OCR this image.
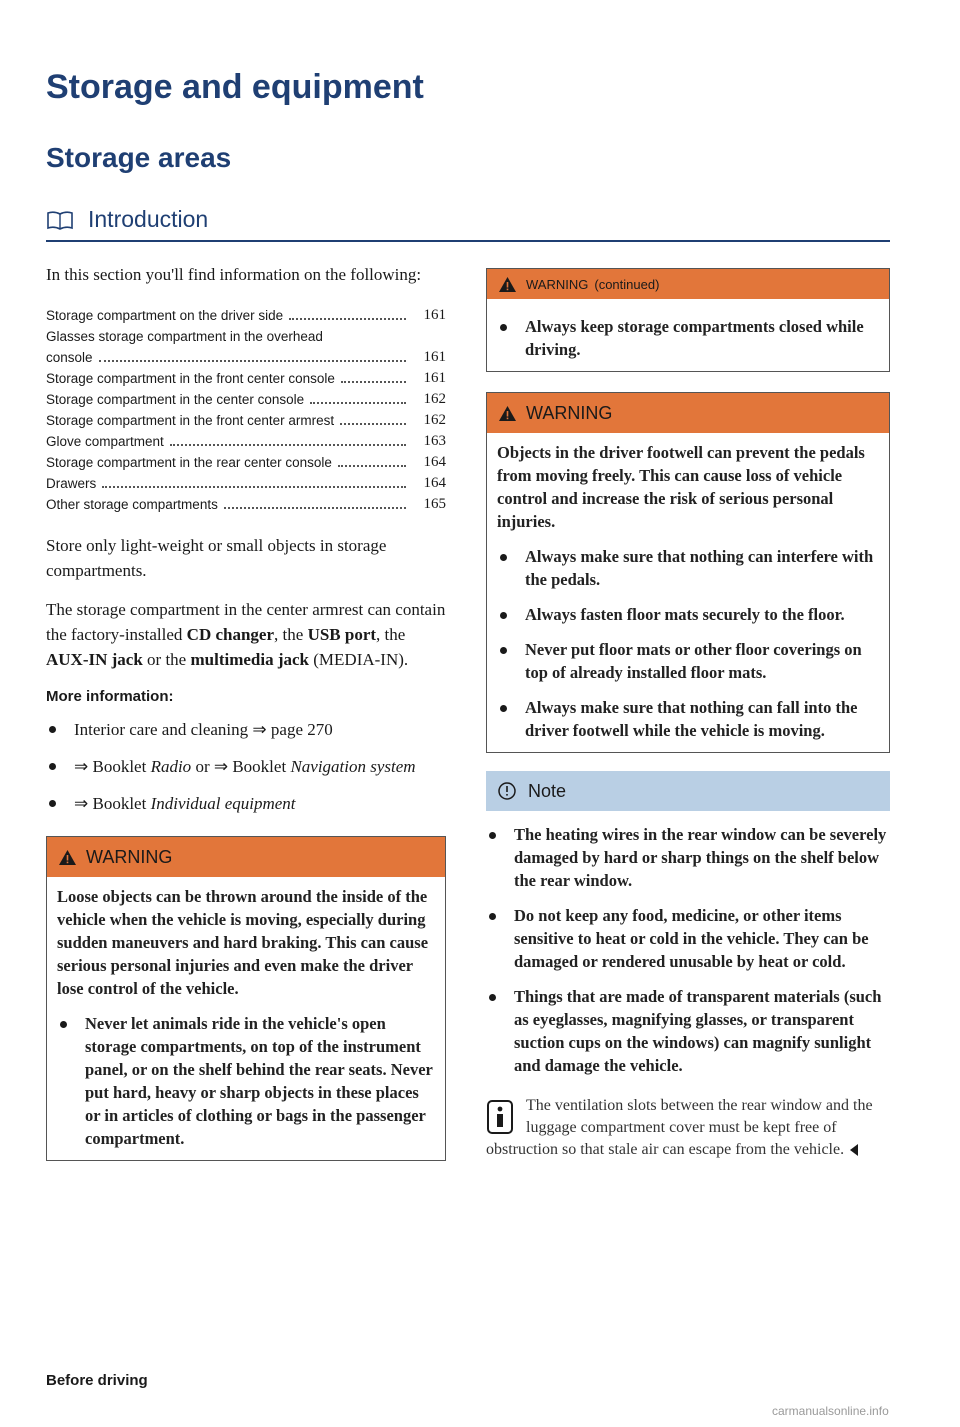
Storage and equipment
Storage areas
Introduction

In this section you'll find information on the following:

Storage compartment on the driver side	161
Glasses storage compartment in the overhead
console	161
Storage compartment in the front center console	161
Storage compartment in the center console	162
Storage compartment in the front center armrest	162
Glove compartment	163
Storage compartment in the rear center console	164
Drawers	164
Other storage compartments	165

Store only light-weight or small objects in storage compartments.

The storage compartment in the center armrest can contain the factory-installed CD changer, the USB port, the AUX-IN jack or the multimedia jack (MEDIA-IN).

More information:
Interior care and cleaning ⇒ page 270
⇒ Booklet Radio or ⇒ Booklet Navigation system
⇒ Booklet Individual equipment
WARNING

Loose objects can be thrown around the inside of the vehicle when the vehicle is moving, especially during sudden maneuvers and hard braking. This can cause serious personal injuries and even make the driver lose control of the vehicle.

Never let animals ride in the vehicle's open storage compartments, on top of the instrument panel, or on the shelf behind the rear seats. Never put hard, heavy or sharp objects in these places or in articles of clothing or bags in the passenger compartment.
WARNING (continued)
Always keep storage compartments closed while driving.
WARNING

Objects in the driver footwell can prevent the pedals from moving freely. This can cause loss of vehicle control and increase the risk of serious personal injuries.

Always make sure that nothing can interfere with the pedals.
Always fasten floor mats securely to the floor.
Never put floor mats or other floor coverings on top of already installed floor mats.
Always make sure that nothing can fall into the driver footwell while the vehicle is moving.
Note
The heating wires in the rear window can be severely damaged by hard or sharp things on the shelf below the rear window.
Do not keep any food, medicine, or other items sensitive to heat or cold in the vehicle. They can be damaged or rendered unusable by heat or cold.
Things that are made of transparent materials (such as eyeglasses, magnifying glasses, or transparent suction cups on the windows) can magnify sunlight and damage the vehicle.
The ventilation slots between the rear window and the luggage compartment cover must be kept free of obstruction so that stale air can escape from the vehicle.
Before driving
carmanualsonline.info
